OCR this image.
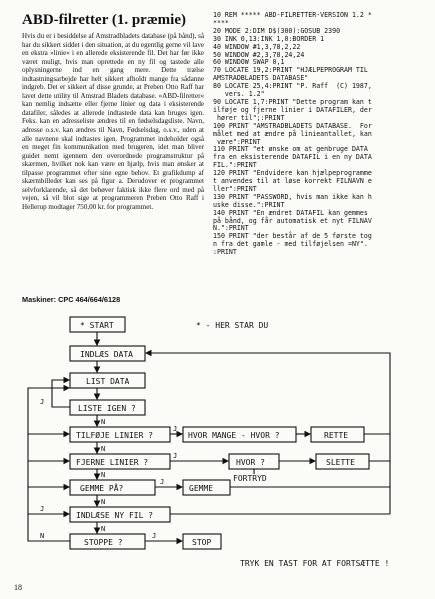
ABD-filretter (1. præmie)
Hvis du er i besiddelse af Amstradbladets database (på bånd), så har du sikkert siddet i den situation, at du egentlig gerne vil lave en ekstra »linie« i en allerede eksisterende fil. Det har før ikke været muligt, hvis man oprettede en ny fil og tastede alle oplysningerne ind en gang mere. Dette trælse indtastningsarbejde har helt sikkert afholdt mange fra sådanne indgreb. Det er sikkert af disse grunde, at Preben Otto Raff har lavet dette utility til Amstrad Bladets database. »ABD-filretter« kan nemlig indsætte eller fjerne linier og data i eksisterende datafiler, således at allerede indtastede data kan bruges igen. Feks. kan en adresseliste ændres til en fødselsdagsliste. Navn, adresse o.s.v. kan ændres til Navn, Fødselsdag, o.s.v., uden at alle navnene skal indtastes igen. Programmet indeholder også en meget fin kommunikation med brugeren, idet man bliver guidet nemt igennem den overordnede programstruktur på skærmen, hvilket nok kan være en hjælp, hvis man ønsker at tilpasse programmet efter sine egne behov. Et grafikdump af skærmbilledet kan ses på figur a. Derudover er programmet selvforklarende, så det behøver faktisk ikke flere ord med på vejen, så vil blot sige at programmeren Preben Otto Raff i Hellerup modtager 750,00 kr. for programmet.
Maskiner: CPC 464/664/6128
10 REM ***** ABD-FILRETTER-VERSION 1.2 *
****
20 MODE 2:DIM D$(300):GOSUB 2390
30 INK 0,13:INK 1,0:BORDER 1
40 WINDOW #1,3,78,2,22
50 WINDOW #2,3,78,24,24
60 WINDOW SWAP 0,1
70 LOCATE 19,2:PRINT "HJÆLPEPROGRAM TIL
AMSTRADBLADETS DATABASE"
80 LOCATE 25,4:PRINT "P. Raff  (C) 1987,
vers. 1.2"
90 LOCATE 1,7:PRINT "Dette program kan t
ilføje og fjerne linier i DATAFILER, der
hører til";:PRINT
100 PRINT "AMSTRADBLADETS DATABASE.  For
målet med at ændre på linieantallet, kan
være":PRINT
110 PRINT "et ønske om at genbruge DATA
fra en eksisterende DATAFIL i en ny DATA
FIL.":PRINT
120 PRINT "Endvidere kan hjælpeprogramme
t anvendes til at løse korrekt FILNAVN e
ller":PRINT
130 PRINT "PASSWORD, hvis man ikke kan h
uske disse.":PRINT
140 PRINT "En ændret DATAFIL kan gemmes
på bånd, og får automatisk et nyt FILNAV
N.":PRINT
150 PRINT "der består af de 5 første tog
n fra det gamle - med tilføjelsen =NY".
:PRINT
* START	* - HER STAR DU
INDLÆS DATA
LIST DATA
LISTE IGEN ?
TILFØJE LINIER ?	HVOR MANGE - HVOR ?	RETTE
FJERNE LINIER ?	HVOR ?	SLETTE
FORTRYD
GEMME PÅ?	GEMME
INDLÆSE NY FIL ?
STOPPE ?	STOP
TRYK EN TAST FOR AT FORTSÆTTE !
J
N
J
N
J
N
J
N
J
N
N	J
18
